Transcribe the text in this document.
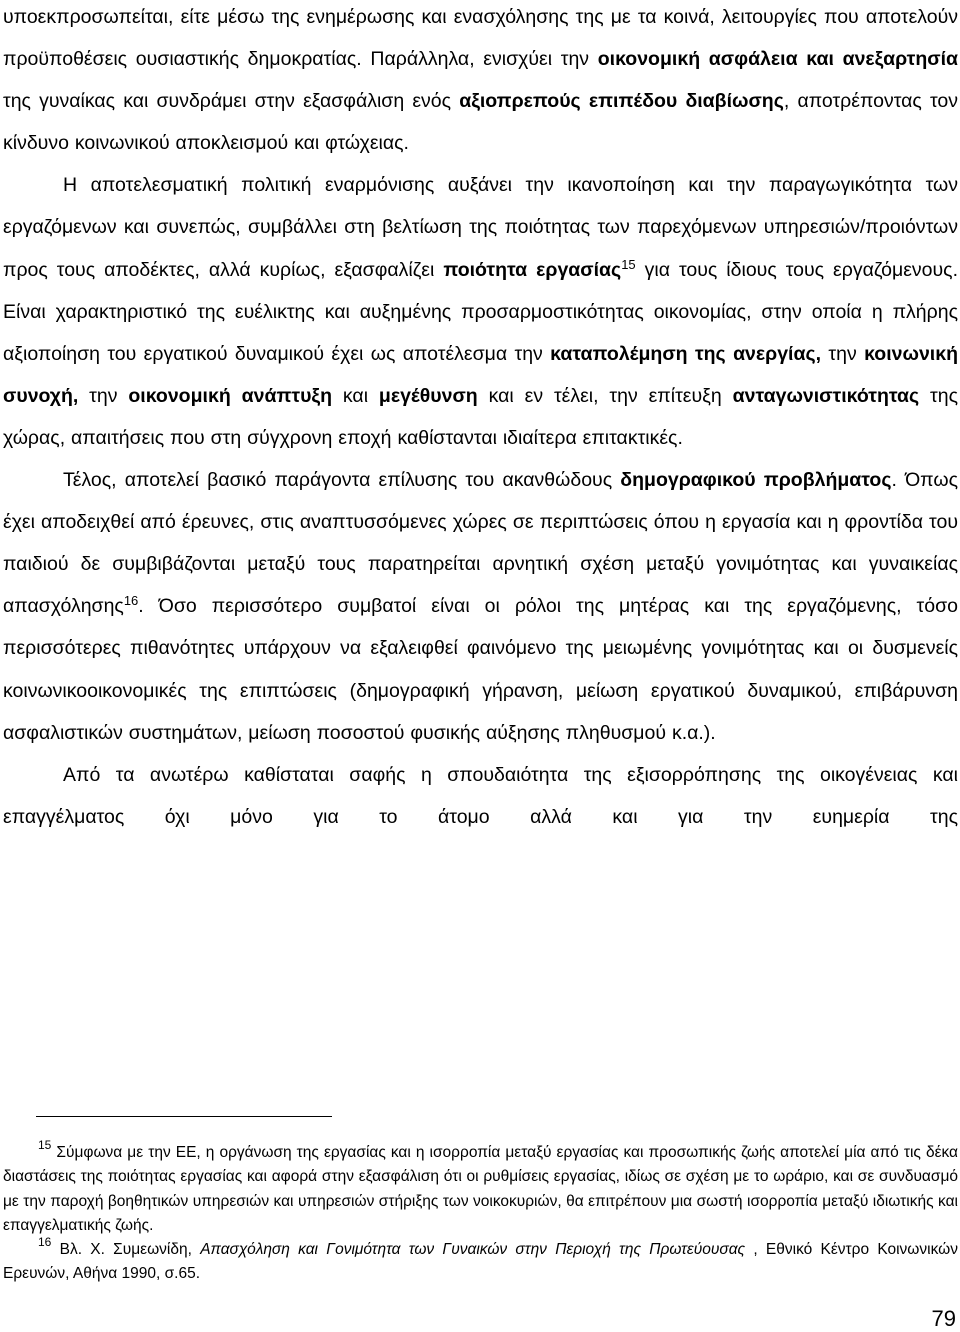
υποεκπροσωπείται, είτε μέσω της ενημέρωσης και ενασχόλησης της με τα κοινά, λειτουργίες που αποτελούν προϋποθέσεις ουσιαστικής δημοκρατίας. Παράλληλα, ενισχύει την οικονομική ασφάλεια και ανεξαρτησία της γυναίκας και συνδράμει στην εξασφάλιση ενός αξιοπρεπούς επιπέδου διαβίωσης, αποτρέποντας τον κίνδυνο κοινωνικού αποκλεισμού και φτώχειας.

Η αποτελεσματική πολιτική εναρμόνισης αυξάνει την ικανοποίηση και την παραγωγικότητα των εργαζόμενων και συνεπώς, συμβάλλει στη βελτίωση της ποιότητας των παρεχόμενων υπηρεσιών/προιόντων προς τους αποδέκτες, αλλά κυρίως, εξασφαλίζει ποιότητα εργασίας$^{15}$ για τους ίδιους τους εργαζόμενους. Είναι χαρακτηριστικό της ευέλικτης και αυξημένης προσαρμοστικότητας οικονομίας, στην οποία η πλήρης αξιοποίηση του εργατικού δυναμικού έχει ως αποτέλεσμα την καταπολέμηση της ανεργίας, την κοινωνική συνοχή, την οικονομική ανάπτυξη και μεγέθυνση και εν τέλει, την επίτευξη ανταγωνιστικότητας της χώρας, απαιτήσεις που στη σύγχρονη εποχή καθίστανται ιδιαίτερα επιτακτικές.

Τέλος, αποτελεί βασικό παράγοντα επίλυσης του ακανθώδους δημογραφικού προβλήματος. Όπως έχει αποδειχθεί από έρευνες, στις αναπτυσσόμενες χώρες σε περιπτώσεις όπου η εργασία και η φροντίδα του παιδιού δε συμβιβάζονται μεταξύ τους παρατηρείται αρνητική σχέση μεταξύ γονιμότητας και γυναικείας απασχόλησης$^{16}$. Όσο περισσότερο συμβατοί είναι οι ρόλοι της μητέρας και της εργαζόμενης, τόσο περισσότερες πιθανότητες υπάρχουν να εξαλειφθεί φαινόμενο της μειωμένης γονιμότητας και οι δυσμενείς κοινωνικοοικονομικές της επιπτώσεις (δημογραφική γήρανση, μείωση εργατικού δυναμικού, επιβάρυνση ασφαλιστικών συστημάτων, μείωση ποσοστού φυσικής αύξησης πληθυσμού κ.α.).

Από τα ανωτέρω καθίσταται σαφής η σπουδαιότητα της εξισορρόπησης της οικογένειας και επαγγέλματος όχι μόνο για το άτομο αλλά και για την ευημερία της

$^{15}$ Σύμφωνα με την ΕΕ, η οργάνωση της εργασίας και η ισορροπία μεταξύ εργασίας και προσωπικής ζωής αποτελεί μία από τις δέκα διαστάσεις της ποιότητας εργασίας και αφορά στην εξασφάλιση ότι οι ρυθμίσεις εργασίας, ιδίως σε σχέση με το ωράριο, και σε συνδυασμό με την παροχή βοηθητικών υπηρεσιών και υπηρεσιών στήριξης των νοικοκυριών, θα επιτρέπουν μια σωστή ισορροπία μεταξύ ιδιωτικής και επαγγελματικής ζωής.

$^{16}$ Βλ. Χ. Συμεωνίδη, Απασχόληση και Γονιμότητα των Γυναικών στην Περιοχή της Πρωτεύουσας , Εθνικό Κέντρο Κοινωνικών Ερευνών, Αθήνα 1990, σ.65.

79
